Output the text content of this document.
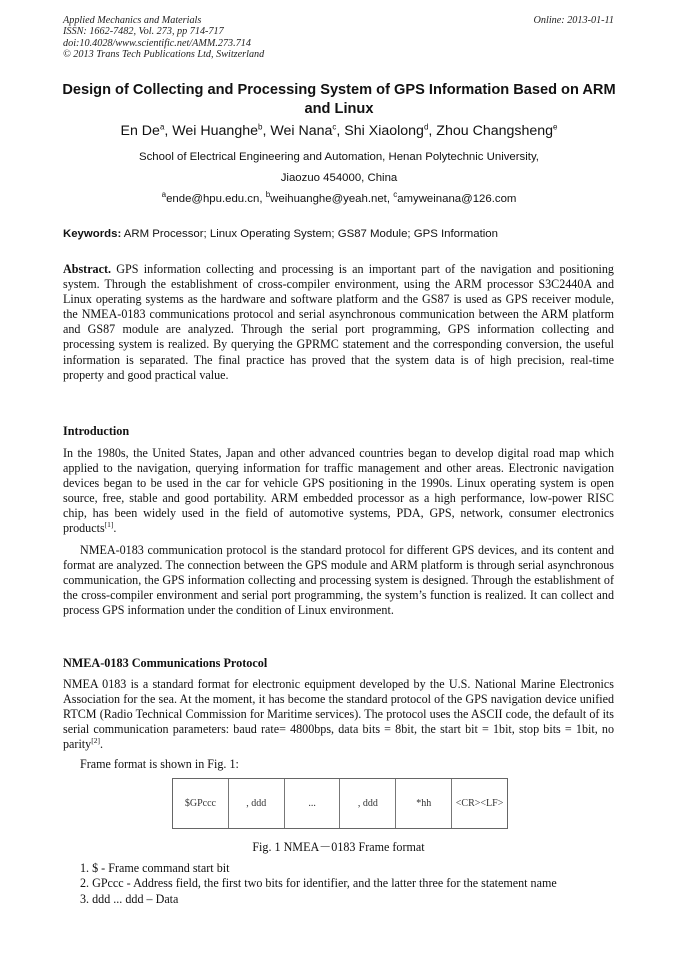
Applied Mechanics and Materials
ISSN: 1662-7482, Vol. 273, pp 714-717
doi:10.4028/www.scientific.net/AMM.273.714
© 2013 Trans Tech Publications Ltd, Switzerland
Online: 2013-01-11
Design of Collecting and Processing System of GPS Information Based on ARM and Linux
En De$^a$, Wei Huanghe$^b$, Wei Nana$^c$, Shi Xiaolong$^d$, Zhou Changsheng$^e$
School of Electrical Engineering and Automation, Henan Polytechnic University,
Jiaozuo 454000, China
$^a$ende@hpu.edu.cn, $^b$weihuanghe@yeah.net, $^c$amyweinana@126.com
Keywords: ARM Processor; Linux Operating System; GS87 Module; GPS Information
Abstract. GPS information collecting and processing is an important part of the navigation and positioning system. Through the establishment of cross-compiler environment, using the ARM processor S3C2440A and Linux operating systems as the hardware and software platform and the GS87 is used as GPS receiver module, the NMEA-0183 communications protocol and serial asynchronous communication between the ARM platform and GS87 module are analyzed. Through the serial port programming, GPS information collecting and processing system is realized. By querying the GPRMC statement and the corresponding conversion, the useful information is separated. The final practice has proved that the system data is of high precision, real-time property and good practical value.
Introduction
In the 1980s, the United States, Japan and other advanced countries began to develop digital road map which applied to the navigation, querying information for traffic management and other areas. Electronic navigation devices began to be used in the car for vehicle GPS positioning in the 1990s. Linux operating system is open source, free, stable and good portability. ARM embedded processor as a high performance, low-power RISC chip, has been widely used in the field of automotive systems, PDA, GPS, network, consumer electronics products[1].
NMEA-0183 communication protocol is the standard protocol for different GPS devices, and its content and format are analyzed. The connection between the GPS module and ARM platform is through serial asynchronous communication, the GPS information collecting and processing system is designed. Through the establishment of the cross-compiler environment and serial port programming, the system’s function is realized. It can collect and process GPS information under the condition of Linux environment.
NMEA-0183 Communications Protocol
NMEA 0183 is a standard format for electronic equipment developed by the U.S. National Marine Electronics Association for the sea. At the moment, it has become the standard protocol of the GPS navigation device unified RTCM (Radio Technical Commission for Maritime services). The protocol uses the ASCII code, the default of its serial communication parameters: baud rate= 4800bps, data bits = 8bit, the start bit = 1bit, stop bits = 1bit, no parity[2].
Frame format is shown in Fig. 1:
$GPccc	, ddd	...	, ddd	*hh	<CR><LF>
Fig. 1 NMEA－0183 Frame format
1. $ - Frame command start bit
2. GPccc - Address field, the first two bits for identifier, and the latter three for the statement name
3. ddd ... ddd – Data
